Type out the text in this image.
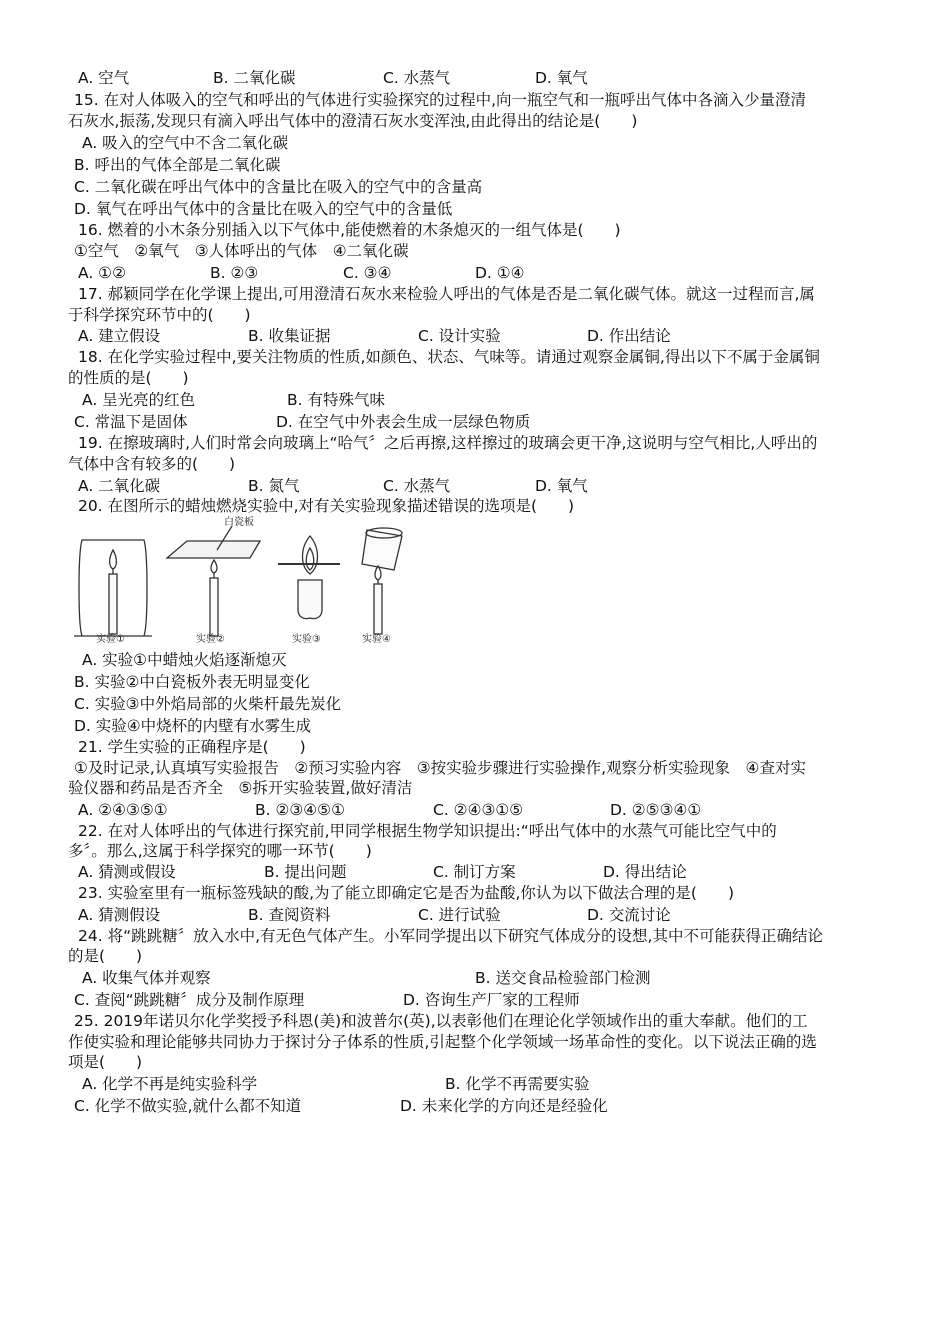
A. 空气	B. 二氧化碳	C. 水蒸气	D. 氧气
15. 在对人体吸入的空气和呼出的气体进行实验探究的过程中,向一瓶空气和一瓶呼出气体中各滴入少量澄清
石灰水,振荡,发现只有滴入呼出气体中的澄清石灰水变浑浊,由此得出的结论是(　　)
A. 吸入的空气中不含二氧化碳
B. 呼出的气体全部是二氧化碳
C. 二氧化碳在呼出气体中的含量比在吸入的空气中的含量高
D. 氧气在呼出气体中的含量比在吸入的空气中的含量低
16. 燃着的小木条分别插入以下气体中,能使燃着的木条熄灭的一组气体是(　　)
①空气　②氧气　③人体呼出的气体　④二氧化碳
A. ①②	B. ②③	C. ③④	D. ①④
17. 郝颖同学在化学课上提出,可用澄清石灰水来检验人呼出的气体是否是二氧化碳气体。就这一过程而言,属
于科学探究环节中的(　　)
A. 建立假设	B. 收集证据	C. 设计实验	D. 作出结论
18. 在化学实验过程中,要关注物质的性质,如颜色、状态、气味等。请通过观察金属铜,得出以下不属于金属铜
的性质的是(　　)
A. 呈光亮的红色	B. 有特殊气味
C. 常温下是固体	D. 在空气中外表会生成一层绿色物质
19. 在擦玻璃时,人们时常会向玻璃上“哈气〞之后再擦,这样擦过的玻璃会更干净,这说明与空气相比,人呼出的
气体中含有较多的(　　)
A. 二氧化碳	B. 氮气	C. 水蒸气	D. 氧气
20. 在图所示的蜡烛燃烧实验中,对有关实验现象描述错误的选项是(　　)
白瓷板
实验①	实验②	实验③	实验④
A. 实验①中蜡烛火焰逐渐熄灭
B. 实验②中白瓷板外表无明显变化
C. 实验③中外焰局部的火柴杆最先炭化
D. 实验④中烧杯的内壁有水雾生成
21. 学生实验的正确程序是(　　)
①及时记录,认真填写实验报告　②预习实验内容　③按实验步骤进行实验操作,观察分析实验现象　④查对实
验仪器和药品是否齐全　⑤拆开实验装置,做好清洁
A. ②④③⑤①	B. ②③④⑤①	C. ②④③①⑤	D. ②⑤③④①
22. 在对人体呼出的气体进行探究前,甲同学根据生物学知识提出:“呼出气体中的水蒸气可能比空气中的
多〞。那么,这属于科学探究的哪一环节(　　)
A. 猜测或假设	B. 提出问题	C. 制订方案	D. 得出结论
23. 实验室里有一瓶标签残缺的酸,为了能立即确定它是否为盐酸,你认为以下做法合理的是(　　)
A. 猜测假设	B. 查阅资料	C. 进行试验	D. 交流讨论
24. 将“跳跳糖〞放入水中,有无色气体产生。小军同学提出以下研究气体成分的设想,其中不可能获得正确结论
的是(　　)
A. 收集气体并观察	B. 送交食品检验部门检测
C. 查阅“跳跳糖〞成分及制作原理	D. 咨询生产厂家的工程师
25. 2019年诺贝尔化学奖授予科恩(美)和波普尔(英),以表彰他们在理论化学领域作出的重大奉献。他们的工
作使实验和理论能够共同协力于探讨分子体系的性质,引起整个化学领域一场革命性的变化。以下说法正确的选
项是(　　)
A. 化学不再是纯实验科学	B. 化学不再需要实验
C. 化学不做实验,就什么都不知道	D. 未来化学的方向还是经验化
